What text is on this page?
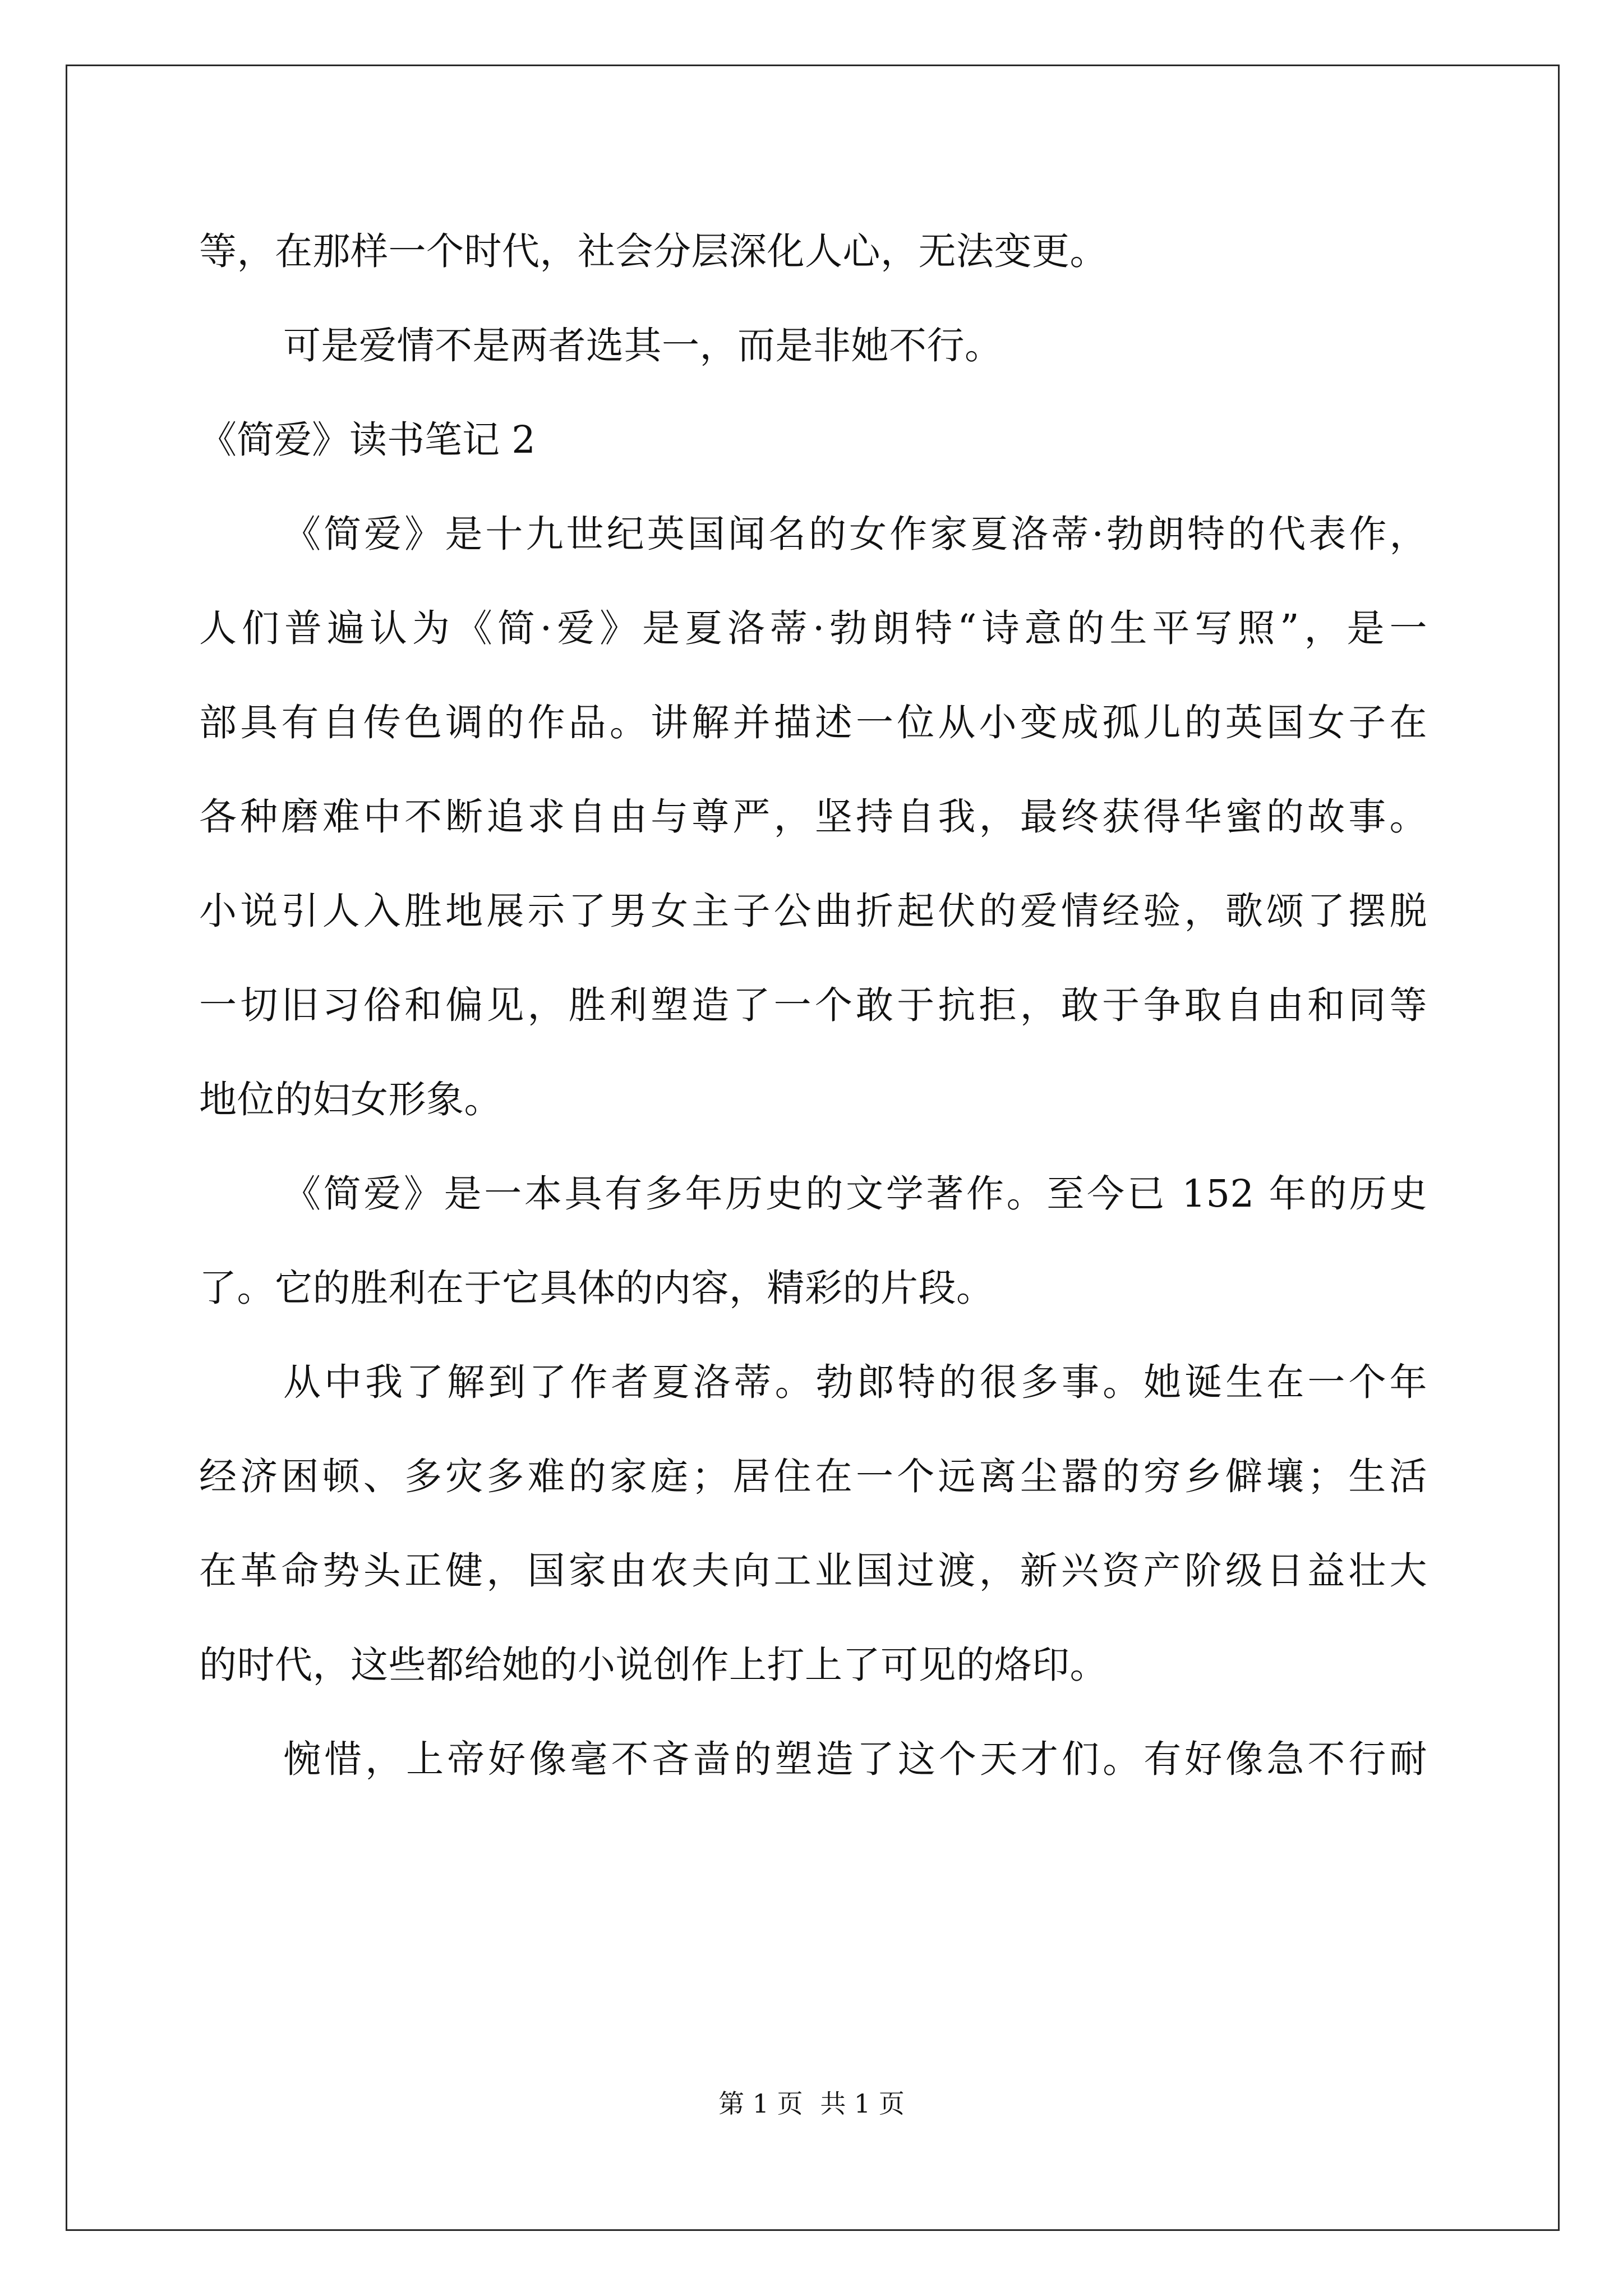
等，在那样一个时代，社会分层深化人心，无法变更。
可是爱情不是两者选其一，而是非她不行。
《简爱》读书笔记 2
《简爱》是十九世纪英国闻名的女作家夏洛蒂·勃朗特的代表作，
人们普遍认为《简·爱》是夏洛蒂·勃朗特“诗意的生平写照”，是一
部具有自传色调的作品。讲解并描述一位从小变成孤儿的英国女子在
各种磨难中不断追求自由与尊严，坚持自我，最终获得华蜜的故事。
小说引人入胜地展示了男女主子公曲折起伏的爱情经验，歌颂了摆脱
一切旧习俗和偏见，胜利塑造了一个敢于抗拒，敢于争取自由和同等
地位的妇女形象。
《简爱》是一本具有多年历史的文学著作。至今已 152 年的历史
了。它的胜利在于它具体的内容，精彩的片段。
从中我了解到了作者夏洛蒂。勃郎特的很多事。她诞生在一个年
经济困顿、多灾多难的家庭；居住在一个远离尘嚣的穷乡僻壤；生活
在革命势头正健，国家由农夫向工业国过渡，新兴资产阶级日益壮大
的时代，这些都给她的小说创作上打上了可见的烙印。
惋惜，上帝好像毫不吝啬的塑造了这个天才们。有好像急不行耐
第 1 页 共 1 页
